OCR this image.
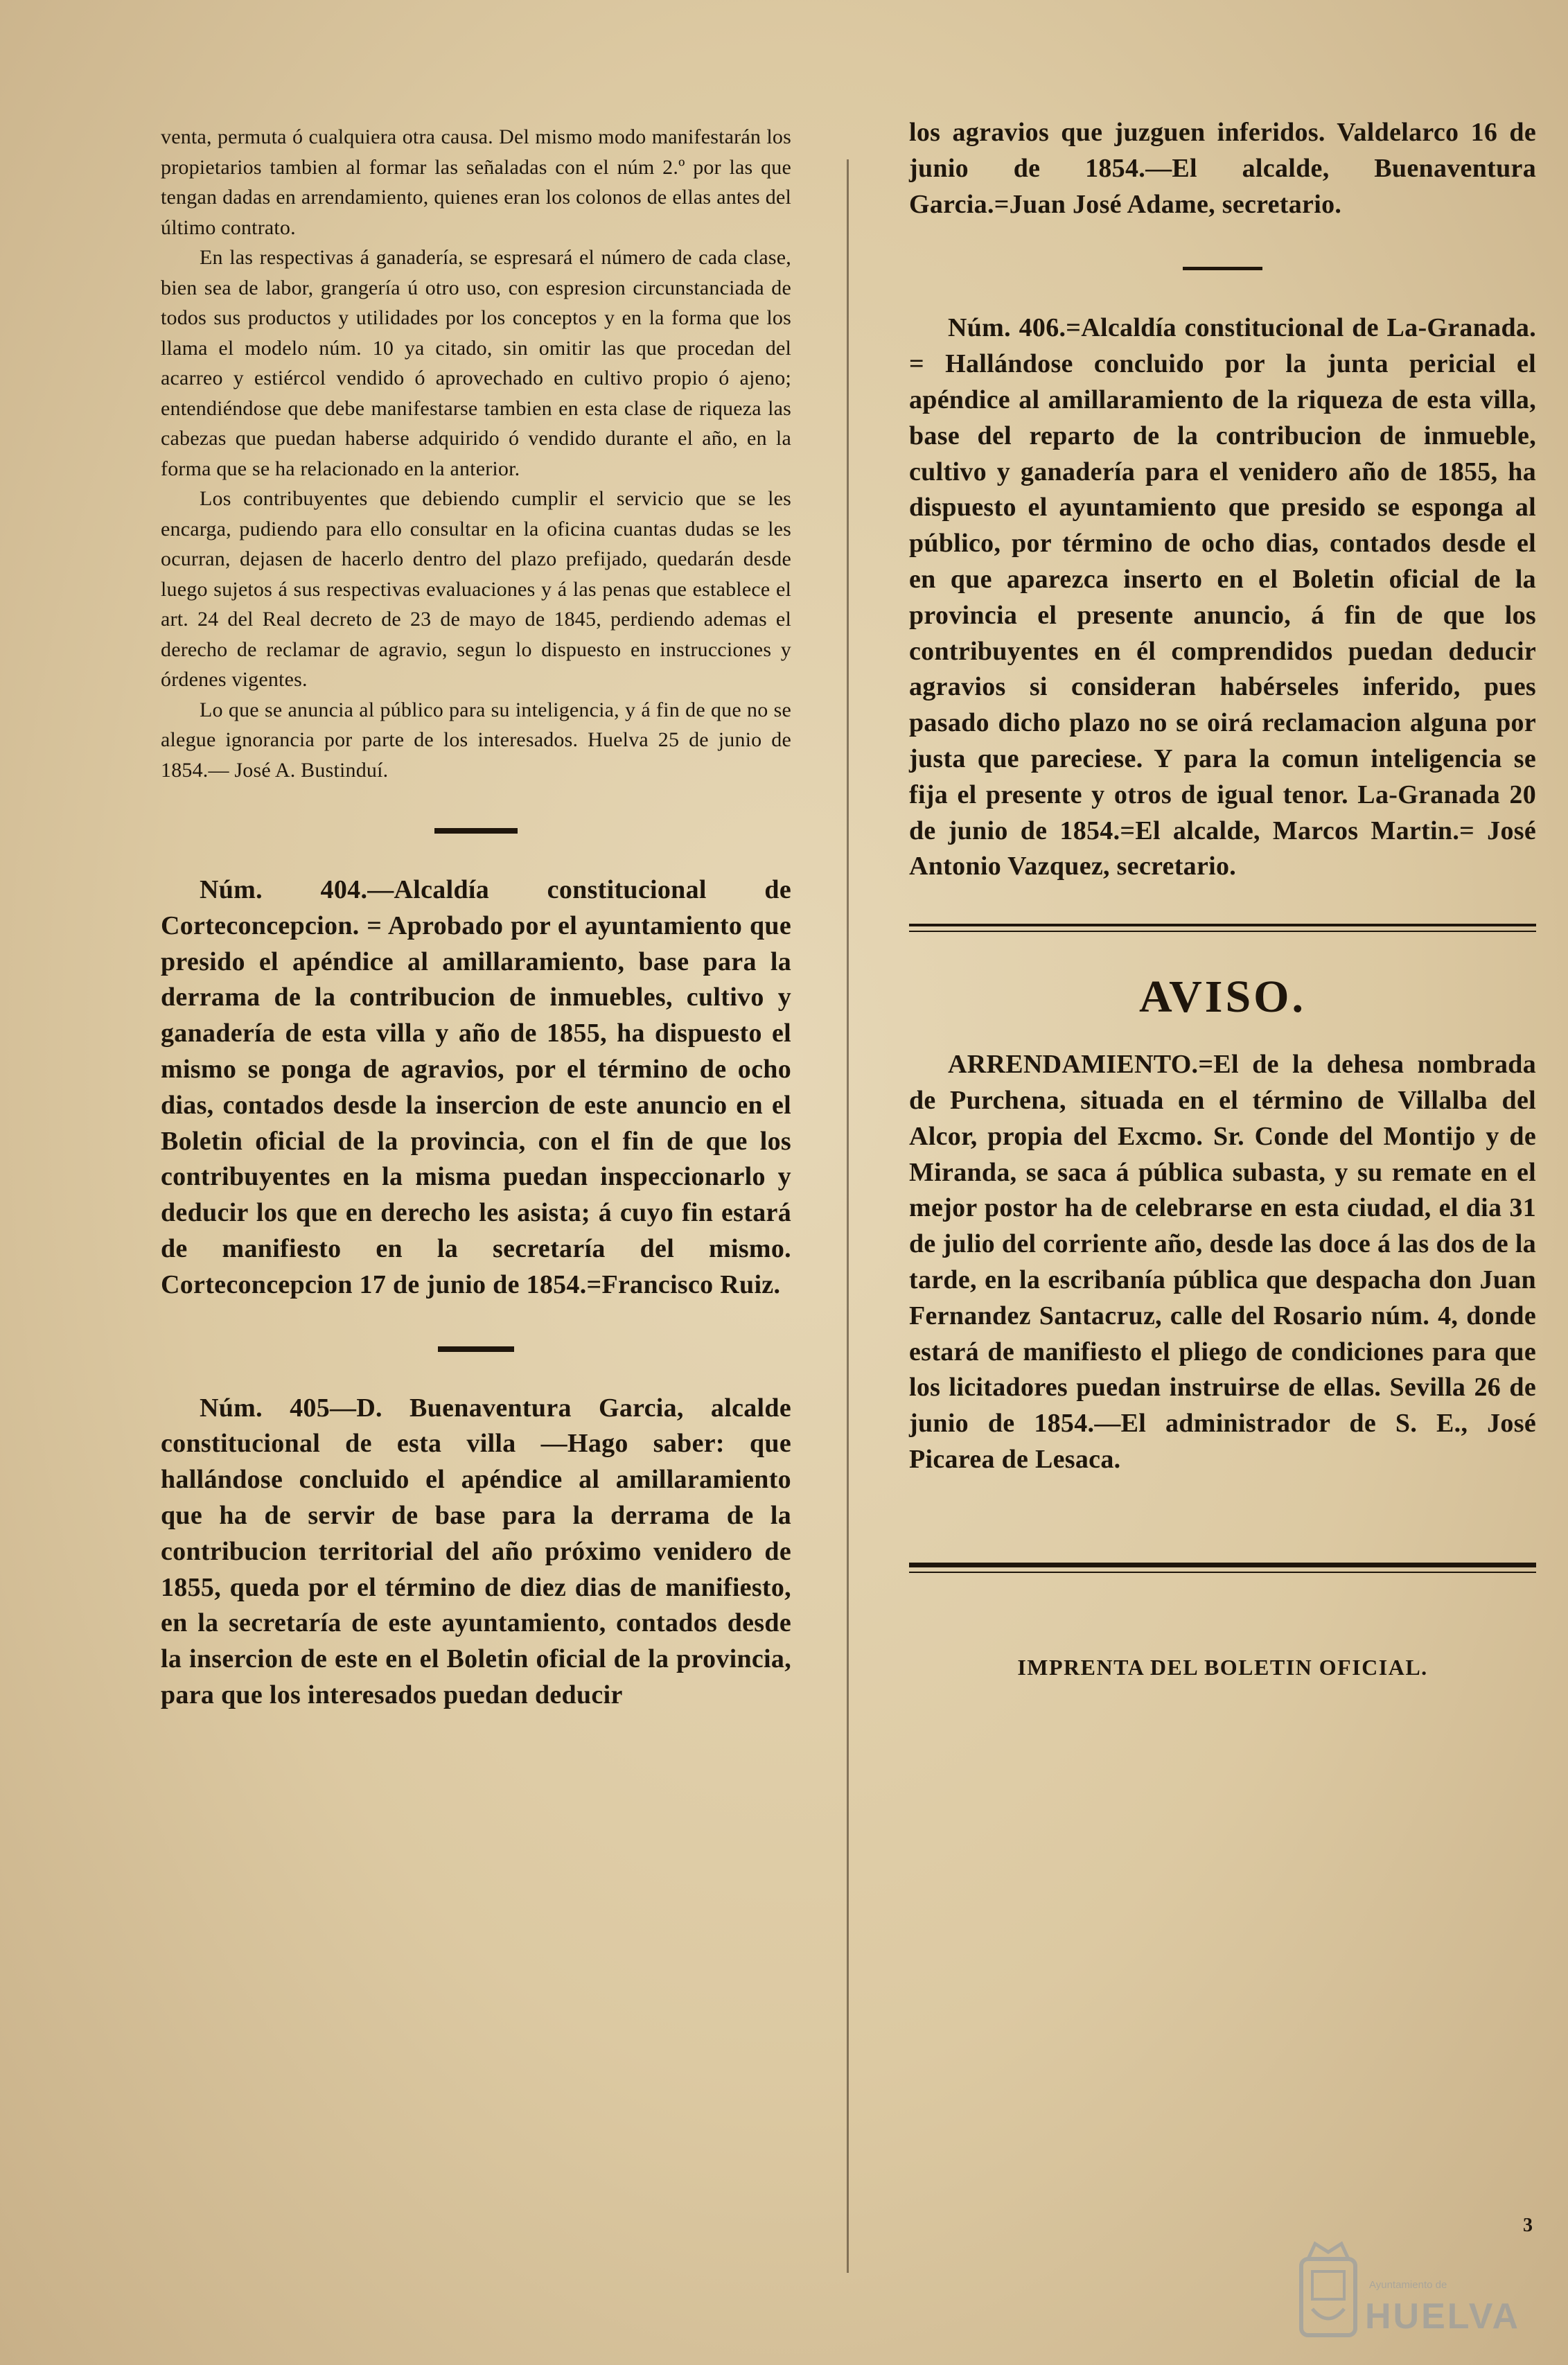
venta, permuta ó cualquiera otra causa. Del mismo modo manifestarán los propietarios tambien al formar las señaladas con el núm 2.º por las que tengan dadas en arrendamiento, quienes eran los colonos de ellas antes del último contrato.

En las respectivas á ganadería, se espresará el número de cada clase, bien sea de labor, grangería ú otro uso, con espresion circunstanciada de todos sus productos y utilidades por los conceptos y en la forma que los llama el modelo núm. 10 ya citado, sin omitir las que procedan del acarreo y estiércol vendido ó aprovechado en cultivo propio ó ajeno; entendiéndose que debe manifestarse tambien en esta clase de riqueza las cabezas que puedan haberse adquirido ó vendido durante el año, en la forma que se ha relacionado en la anterior.

Los contribuyentes que debiendo cumplir el servicio que se les encarga, pudiendo para ello consultar en la oficina cuantas dudas se les ocurran, dejasen de hacerlo dentro del plazo prefijado, quedarán desde luego sujetos á sus respectivas evaluaciones y á las penas que establece el art. 24 del Real decreto de 23 de mayo de 1845, perdiendo ademas el derecho de reclamar de agravio, segun lo dispuesto en instrucciones y órdenes vigentes.

Lo que se anuncia al público para su inteligencia, y á fin de que no se alegue ignorancia por parte de los interesados. Huelva 25 de junio de 1854.— José A. Bustinduí.

Núm. 404.—Alcaldía constitucional de Corteconcepcion. = Aprobado por el ayuntamiento que presido el apéndice al amillaramiento, base para la derrama de la contribucion de inmuebles, cultivo y ganadería de esta villa y año de 1855, ha dispuesto el mismo se ponga de agravios, por el término de ocho dias, contados desde la insercion de este anuncio en el Boletin oficial de la provincia, con el fin de que los contribuyentes en la misma puedan inspeccionarlo y deducir los que en derecho les asista; á cuyo fin estará de manifiesto en la secretaría del mismo. Corteconcepcion 17 de junio de 1854.=Francisco Ruiz.

Núm. 405—D. Buenaventura Garcia, alcalde constitucional de esta villa —Hago saber: que hallándose concluido el apéndice al amillaramiento que ha de servir de base para la derrama de la contribucion territorial del año próximo venidero de 1855, queda por el término de diez dias de manifiesto, en la secretaría de este ayuntamiento, contados desde la insercion de este en el Boletin oficial de la provincia, para que los interesados puedan deducir

los agravios que juzguen inferidos. Valdelarco 16 de junio de 1854.—El alcalde, Buenaventura Garcia.=Juan José Adame, secretario.

Núm. 406.=Alcaldía constitucional de La-Granada. = Hallándose concluido por la junta pericial el apéndice al amillaramiento de la riqueza de esta villa, base del reparto de la contribucion de inmueble, cultivo y ganadería para el venidero año de 1855, ha dispuesto el ayuntamiento que presido se esponga al público, por término de ocho dias, contados desde el en que aparezca inserto en el Boletin oficial de la provincia el presente anuncio, á fin de que los contribuyentes en él comprendidos puedan deducir agravios si consideran habérseles inferido, pues pasado dicho plazo no se oirá reclamacion alguna por justa que pareciese. Y para la comun inteligencia se fija el presente y otros de igual tenor. La-Granada 20 de junio de 1854.=El alcalde, Marcos Martin.= José Antonio Vazquez, secretario.

AVISO.

ARRENDAMIENTO.=El de la dehesa nombrada de Purchena, situada en el término de Villalba del Alcor, propia del Excmo. Sr. Conde del Montijo y de Miranda, se saca á pública subasta, y su remate en el mejor postor ha de celebrarse en esta ciudad, el dia 31 de julio del corriente año, desde las doce á las dos de la tarde, en la escribanía pública que despacha don Juan Fernandez Santacruz, calle del Rosario núm. 4, donde estará de manifiesto el pliego de condiciones para que los licitadores puedan instruirse de ellas. Sevilla 26 de junio de 1854.—El administrador de S. E., José Picarea de Lesaca.

IMPRENTA DEL BOLETIN OFICIAL.

3
Ayuntamiento de
HUELVA
